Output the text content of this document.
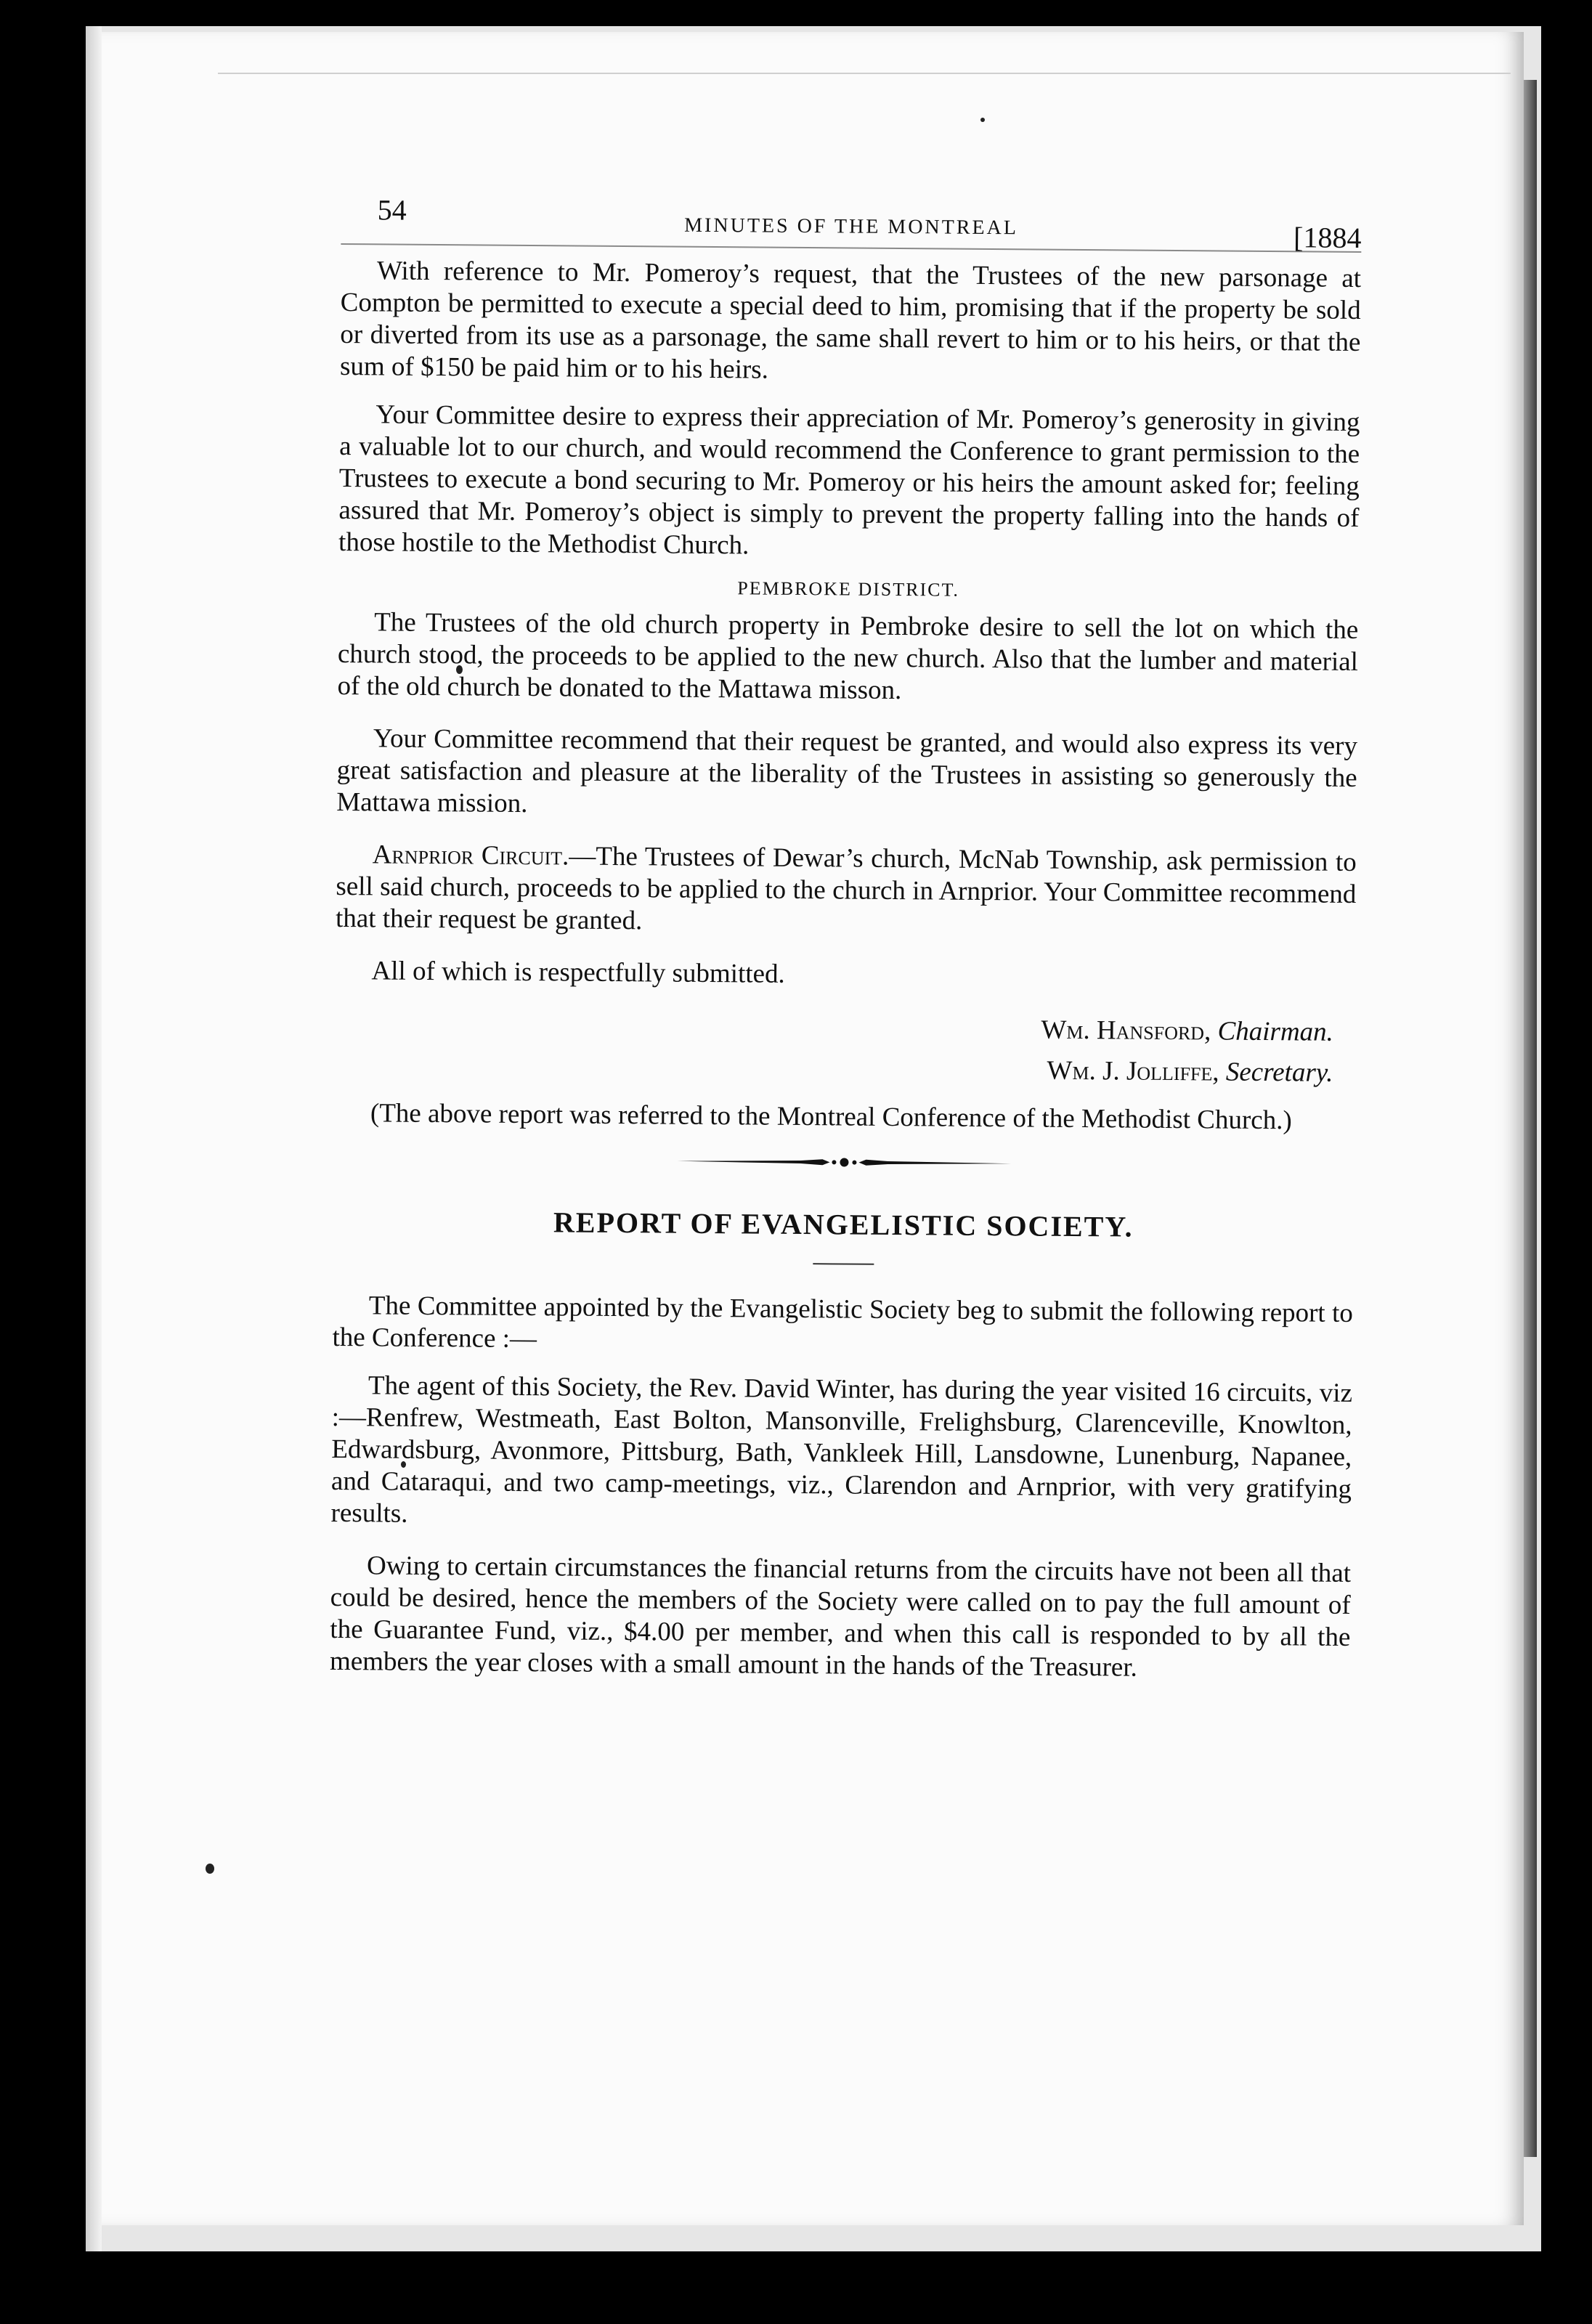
54
MINUTES OF THE MONTREAL	[1884

With reference to Mr. Pomeroy’s request, that the Trustees of the new parsonage at Compton be permitted to execute a special deed to him, promising that if the property be sold or diverted from its use as a parsonage, the same shall revert to him or to his heirs, or that the sum of $150 be paid him or to his heirs.

Your Committee desire to express their appreciation of Mr. Pomeroy’s generosity in giving a valuable lot to our church, and would recommend the Conference to grant permission to the Trustees to execute a bond securing to Mr. Pomeroy or his heirs the amount asked for; feeling assured that Mr. Pomeroy’s object is simply to prevent the property falling into the hands of those hostile to the Methodist Church.

PEMBROKE DISTRICT.

The Trustees of the old church property in Pembroke desire to sell the lot on which the church stood, the proceeds to be applied to the new church. Also that the lumber and material of the old church be donated to the Mattawa misson.

Your Committee recommend that their request be granted, and would also express its very great satisfaction and pleasure at the liberality of the Trustees in assisting so generously the Mattawa mission.

Arnprior Circuit.—The Trustees of Dewar’s church, McNab Township, ask permission to sell said church, proceeds to be applied to the church in Arnprior. Your Committee recommend that their request be granted.

All of which is respectfully submitted.

Wm. Hansford, Chairman.
Wm. J. Jolliffe, Secretary.

(The above report was referred to the Montreal Conference of the Methodist Church.)

REPORT OF EVANGELISTIC SOCIETY.

The Committee appointed by the Evangelistic Society beg to submit the following report to the Conference :—

The agent of this Society, the Rev. David Winter, has during the year visited 16 circuits, viz :—Renfrew, Westmeath, East Bolton, Mansonville, Frelighsburg, Clarenceville, Knowlton, Edwardsburg, Avonmore, Pittsburg, Bath, Vankleek Hill, Lansdowne, Lunenburg, Napanee, and Cataraqui, and two camp-meetings, viz., Clarendon and Arnprior, with very gratifying results.

Owing to certain circumstances the financial returns from the circuits have not been all that could be desired, hence the members of the Society were called on to pay the full amount of the Guarantee Fund, viz., $4.00 per member, and when this call is responded to by all the members the year closes with a small amount in the hands of the Treasurer.
